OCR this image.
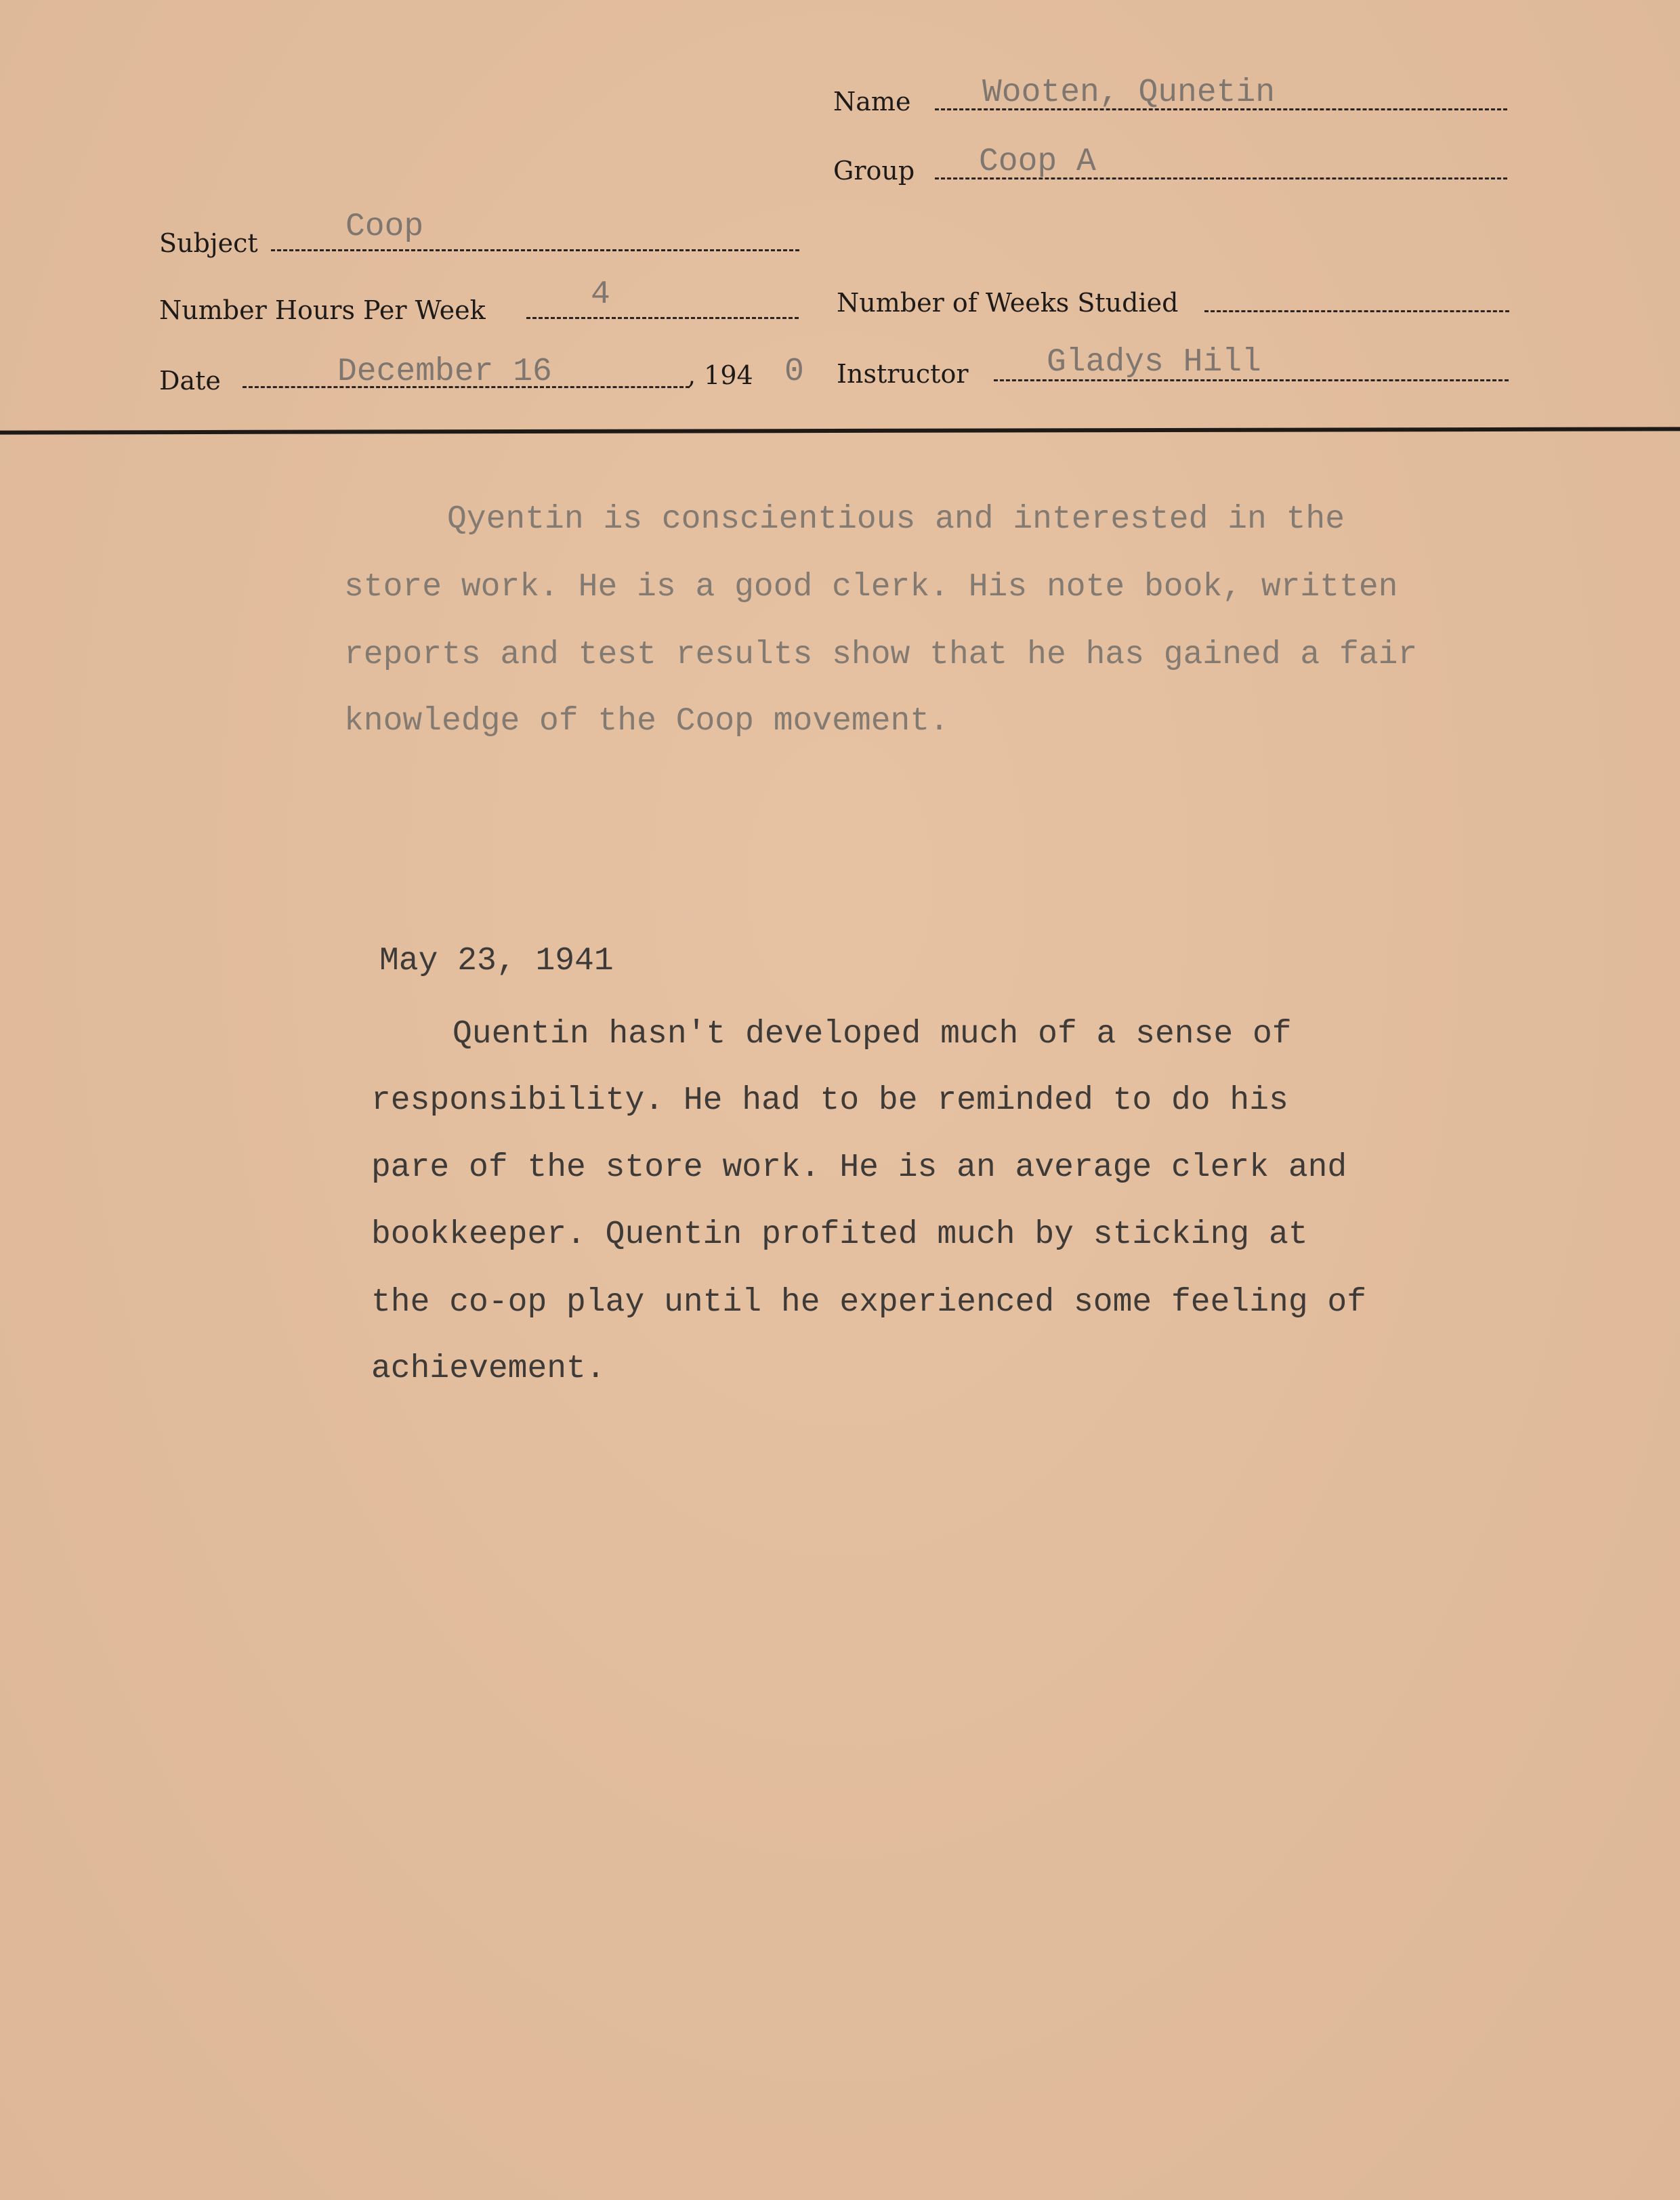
Name Wooten, Qunetin
Group Coop A
Subject	Coop
Number Hours Per Week	4	Number of Weeks Studied
Date	December 16	, 194 0 Instructor Gladys Hill
Qyentin is conscientious and interested in the
store work. He is a good clerk. His note book, written
reports and test results show that he has gained a fair
knowledge of the Coop movement.
May 23, 1941
Quentin hasn't developed much of a sense of
responsibility. He had to be reminded to do his
pare of the store work. He is an average clerk and
bookkeeper. Quentin profited much by sticking at
the co-op play until he experienced some feeling of
achievement.
